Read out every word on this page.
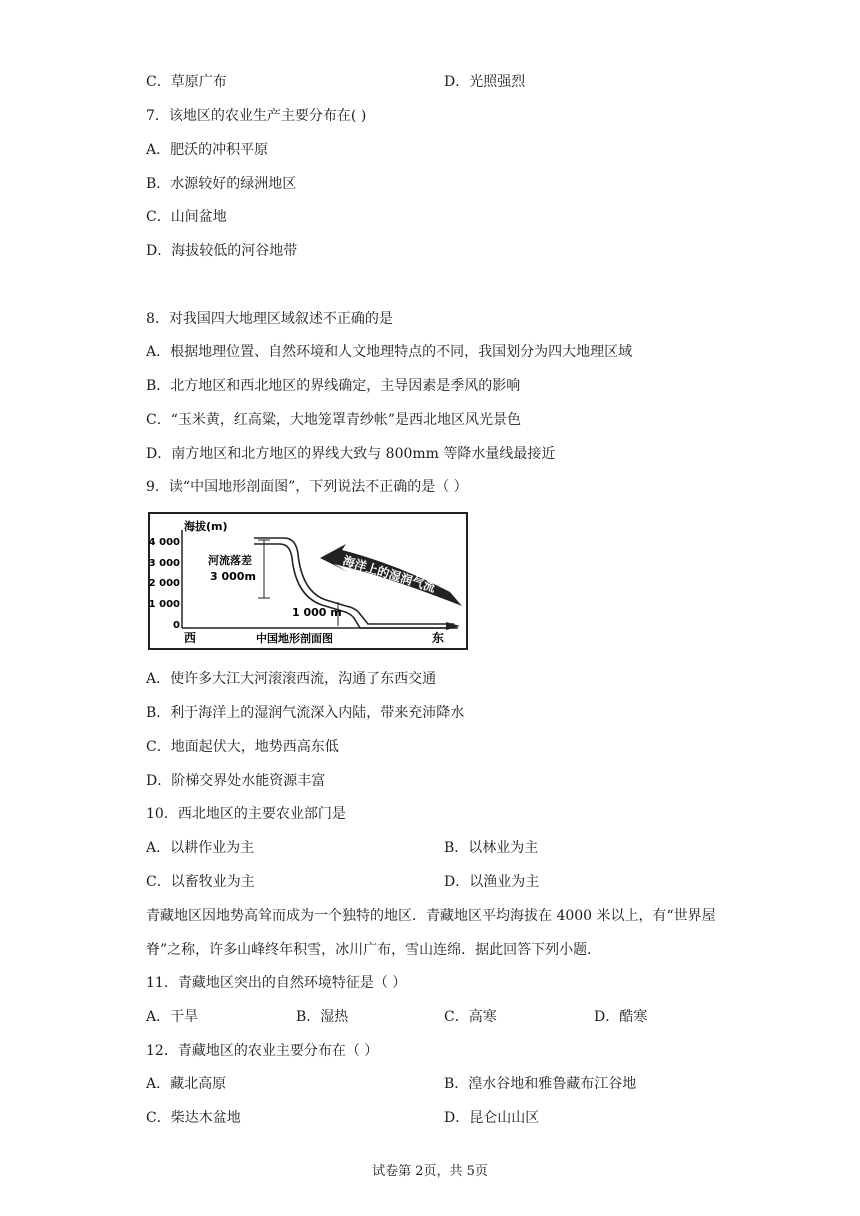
C．草原广布	D．光照强烈
7．该地区的农业生产主要分布在( )
A．肥沃的冲积平原
B．水源较好的绿洲地区
C．山间盆地
D．海拔较低的河谷地带
8．对我国四大地理区域叙述不正确的是
A．根据地理位置、自然环境和人文地理特点的不同，我国划分为四大地理区域
B．北方地区和西北地区的界线确定，主导因素是季风的影响
C．“玉米黄，红高粱，大地笼罩青纱帐”是西北地区风光景色
D．南方地区和北方地区的界线大致与 800mm 等降水量线最接近
9．读“中国地形剖面图”，下列说法不正确的是（ ）
海拔(m)
4 000
3 000
2 000
1 000
0
河流落差
3 000m
1 000 m
海洋上的湿润气流
西	中国地形剖面图	东
A．使许多大江大河滚滚西流，沟通了东西交通
B．利于海洋上的湿润气流深入内陆，带来充沛降水
C．地面起伏大，地势西高东低
D．阶梯交界处水能资源丰富
10．西北地区的主要农业部门是
A．以耕作业为主	B．以林业为主
C．以畜牧业为主	D．以渔业为主
青藏地区因地势高耸而成为一个独特的地区．青藏地区平均海拔在 4000 米以上，有“世界屋脊”之称，许多山峰终年积雪，冰川广布，雪山连绵．据此回答下列小题．
11．青藏地区突出的自然环境特征是（ ）
A．干旱	B．湿热	C．高寒	D．酷寒
12．青藏地区的农业主要分布在（ ）
A．藏北高原	B．湟水谷地和雅鲁藏布江谷地
C．柴达木盆地	D．昆仑山山区
试卷第 2页，共 5页
